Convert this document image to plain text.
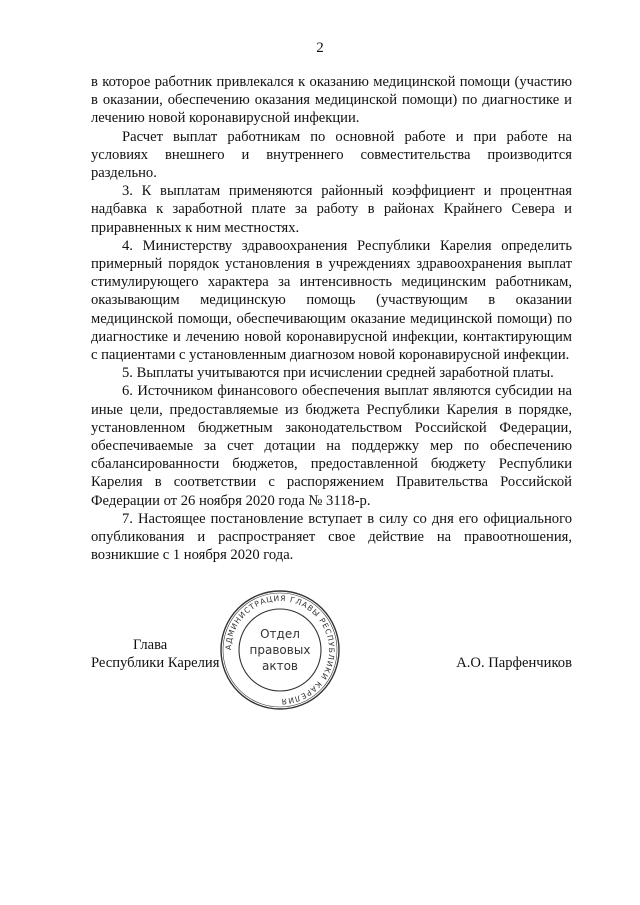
2

в которое работник привлекался к оказанию медицинской помощи (участию в оказании, обеспечению оказания медицинской помощи) по диагностике и лечению новой коронавирусной инфекции.

Расчет выплат работникам по основной работе и при работе на условиях внешнего и внутреннего совместительства производится раздельно.

3. К выплатам применяются районный коэффициент и процентная надбавка к заработной плате за работу в районах Крайнего Севера и приравненных к ним местностях.

4. Министерству здравоохранения Республики Карелия определить примерный порядок установления в учреждениях здравоохранения выплат стимулирующего характера за интенсивность медицинским работникам, оказывающим медицинскую помощь (участвующим в оказании медицинской помощи, обеспечивающим оказание медицинской помощи) по диагностике и лечению новой коронавирусной инфекции, контактирующим с пациентами с установленным диагнозом новой коронавирусной инфекции.

5. Выплаты учитываются при исчислении средней заработной платы.

6. Источником финансового обеспечения выплат являются субсидии на иные цели, предоставляемые из бюджета Республики Карелия в порядке, установленном бюджетным законодательством Российской Федерации, обеспечиваемые за счет дотации на поддержку мер по обеспечению сбалансированности бюджетов, предоставленной бюджету Республики Карелия в соответствии с распоряжением Правительства Российской Федерации от 26 ноября 2020 года № 3118-р.

7. Настоящее постановление вступает в силу со дня его официального опубликования и распространяет свое действие на правоотношения, возникшие с 1 ноября 2020 года.

Глава
Республики Карелия	А.О. Парфенчиков
АДМИНИСТРАЦИЯ ГЛАВЫ РЕСПУБЛИКИ КАРЕЛИЯ
Отдел
правовых
актов
